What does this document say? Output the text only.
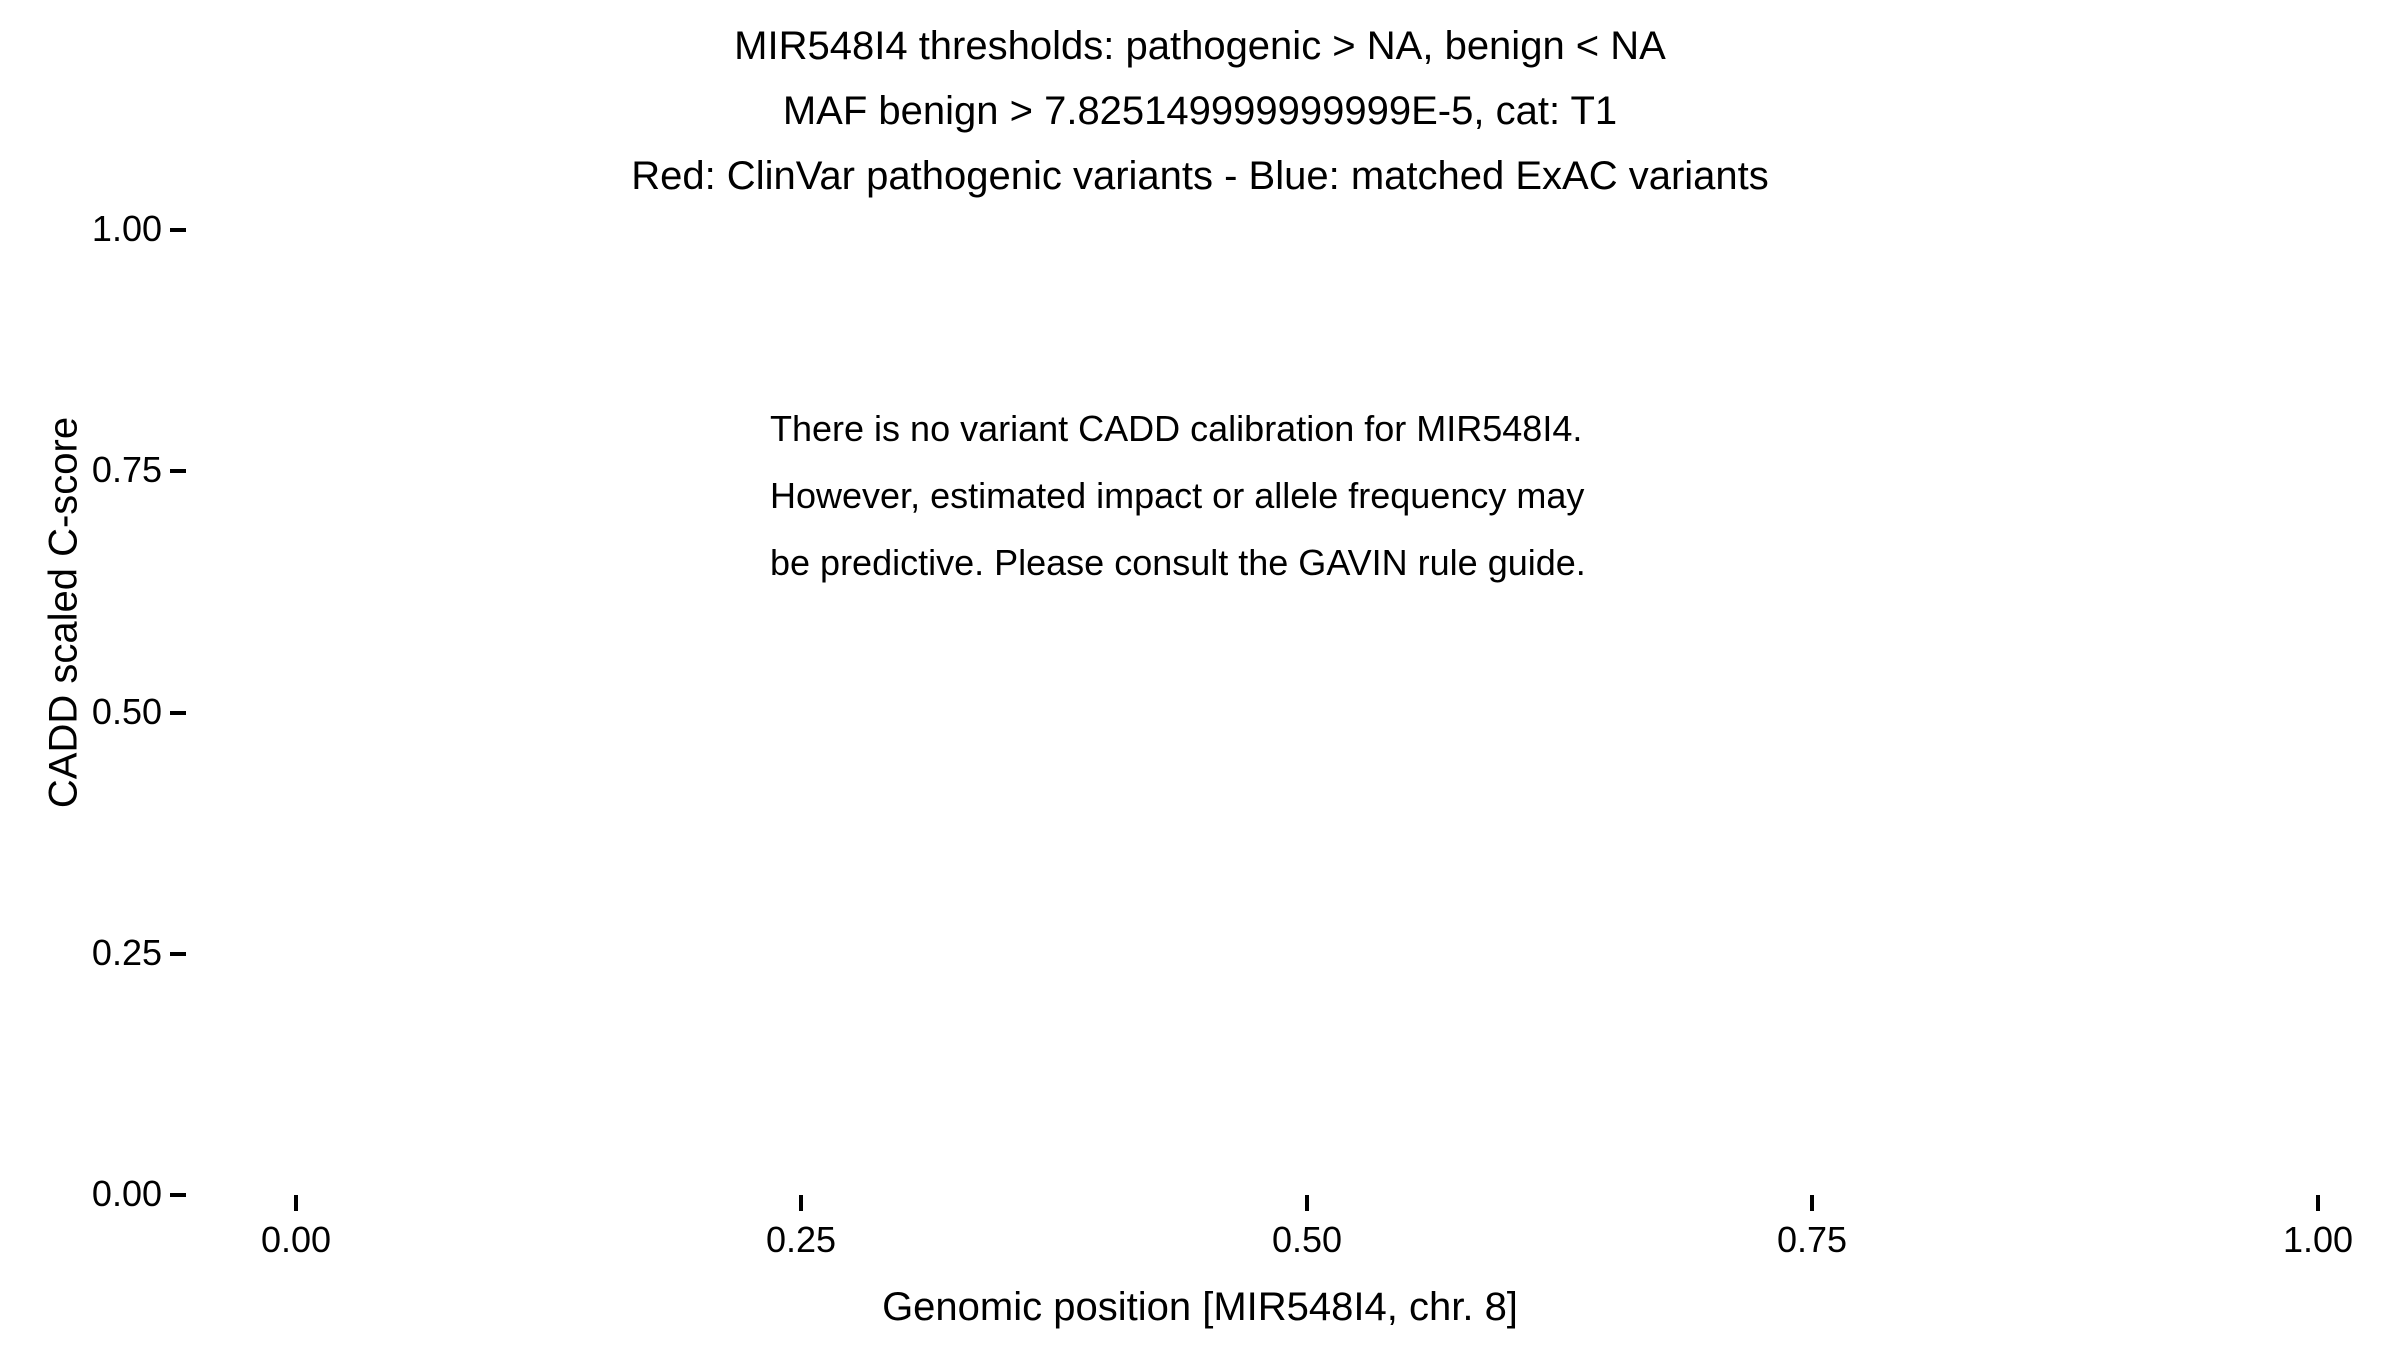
MIR548I4 thresholds: pathogenic > NA, benign < NA
MAF benign > 7.825149999999999E-5, cat: T1
Red: ClinVar pathogenic variants - Blue: matched ExAC variants
CADD scaled C-score
1.00
0.75
0.50
0.25
0.00
0.00	0.25	0.50	0.75	1.00
There is no variant CADD calibration for MIR548I4.
However, estimated impact or allele frequency may
be predictive. Please consult the GAVIN rule guide.
Genomic position [MIR548I4, chr. 8]
